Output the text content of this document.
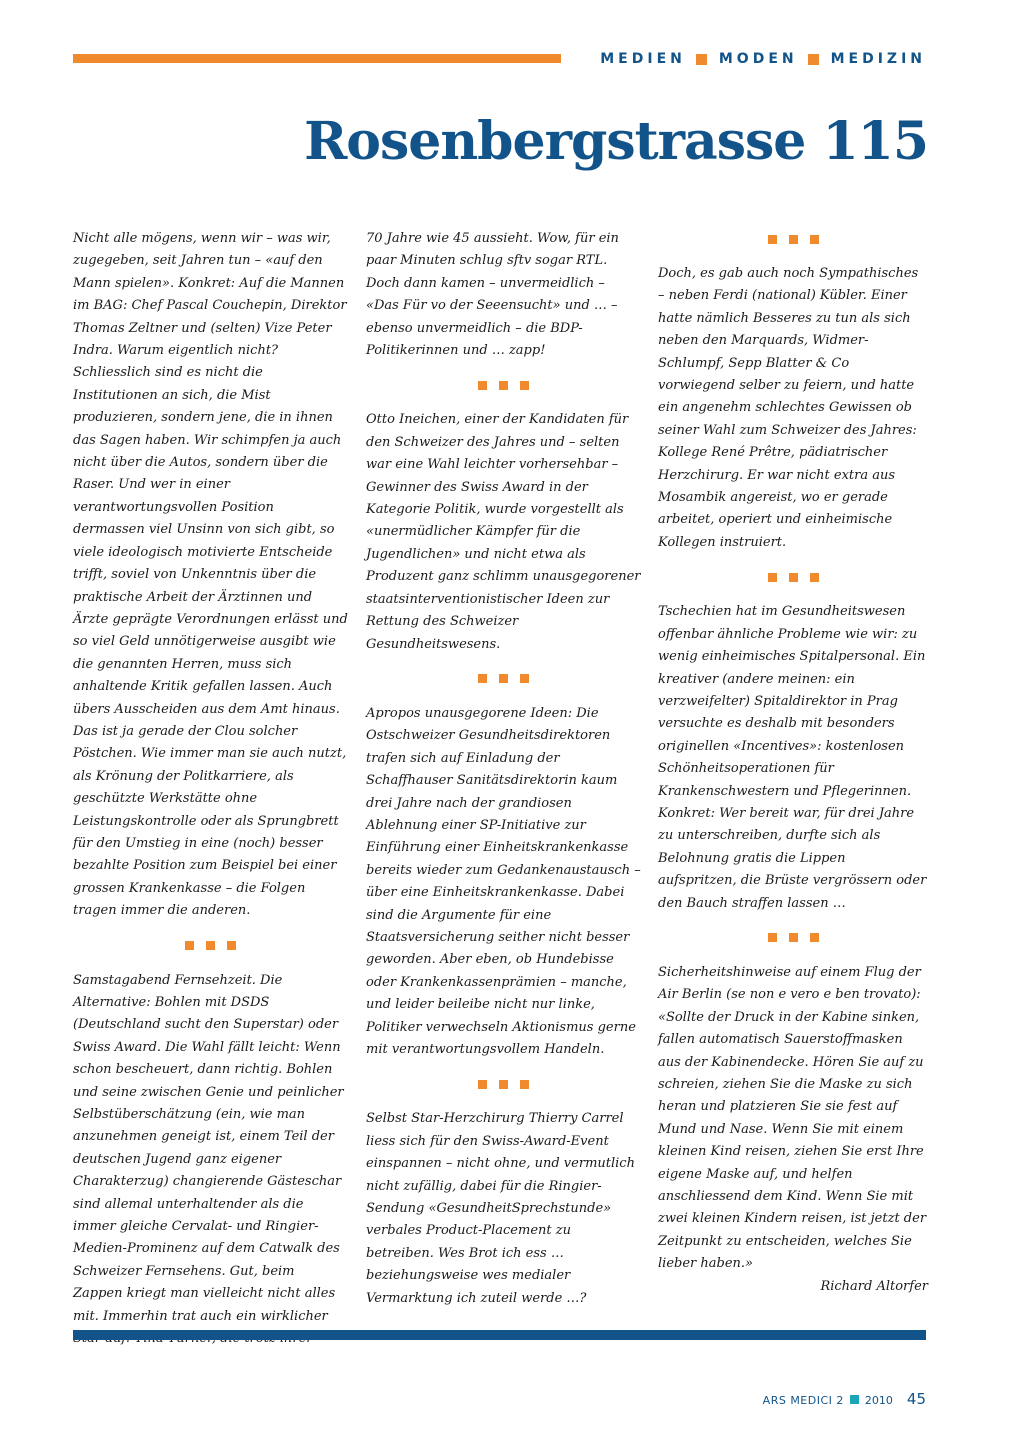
MEDIEN MODEN MEDIZIN
Rosenbergstrasse 115

Nicht alle mögens, wenn wir – was wir, zugegeben, seit Jahren tun – «auf den Mann spielen». Konkret: Auf die Mannen im BAG: Chef Pascal Couchepin, Direktor Thomas Zeltner und (selten) Vize Peter Indra. Warum eigentlich nicht? Schliesslich sind es nicht die Institutionen an sich, die Mist produzieren, sondern jene, die in ihnen das Sagen haben. Wir schimpfen ja auch nicht über die Autos, sondern über die Raser. Und wer in einer verantwortungsvollen Position dermassen viel Unsinn von sich gibt, so viele ideologisch motivierte Entscheide trifft, soviel von Unkenntnis über die praktische Arbeit der Ärztinnen und Ärzte geprägte Verordnungen erlässt und so viel Geld unnötigerweise ausgibt wie die genannten Herren, muss sich anhaltende Kritik gefallen lassen. Auch übers Ausscheiden aus dem Amt hinaus. Das ist ja gerade der Clou solcher Pöstchen. Wie immer man sie auch nutzt, als Krönung der Politkarriere, als geschützte Werkstätte ohne Leistungskontrolle oder als Sprungbrett für den Umstieg in eine (noch) besser bezahlte Position zum Beispiel bei einer grossen Krankenkasse – die Folgen tragen immer die anderen.

Samstagabend Fernsehzeit. Die Alternative: Bohlen mit DSDS (Deutschland sucht den Superstar) oder Swiss Award. Die Wahl fällt leicht: Wenn schon bescheuert, dann richtig. Bohlen und seine zwischen Genie und peinlicher Selbstüberschätzung (ein, wie man anzunehmen geneigt ist, einem Teil der deutschen Jugend ganz eigener Charakterzug) changierende Gästeschar sind allemal unterhaltender als die immer gleiche Cervalat- und Ringier-Medien-Prominenz auf dem Catwalk des Schweizer Fernsehens. Gut, beim Zappen kriegt man vielleicht nicht alles mit. Immerhin trat auch ein wirklicher

70 Jahre wie 45 aussieht. Wow, für ein paar Minuten schlug sftv sogar RTL. Doch dann kamen – unvermeidlich – «Das Für vo der Seeensucht» und … – ebenso unvermeidlich – die BDP-Politikerinnen und … zapp!

Otto Ineichen, einer der Kandidaten für den Schweizer des Jahres und – selten war eine Wahl leichter vorhersehbar – Gewinner des Swiss Award in der Kategorie Politik, wurde vorgestellt als «unermüdlicher Kämpfer für die Jugendlichen» und nicht etwa als Produzent ganz schlimm unausgegorener staatsinterventionistischer Ideen zur Rettung des Schweizer Gesundheitswesens.

Apropos unausgegorene Ideen: Die Ostschweizer Gesundheitsdirektoren trafen sich auf Einladung der Schaffhauser Sanitätsdirektorin kaum drei Jahre nach der grandiosen Ablehnung einer SP-Initiative zur Einführung einer Einheitskrankenkasse bereits wieder zum Gedankenaustausch – über eine Einheitskrankenkasse. Dabei sind die Argumente für eine Staatsversicherung seither nicht besser geworden. Aber eben, ob Hundebisse oder Krankenkassenprämien – manche, und leider beileibe nicht nur linke, Politiker verwechseln Aktionismus gerne mit verantwortungsvollem Handeln.

Selbst Star-Herzchirurg Thierry Carrel liess sich für den Swiss-Award-Event einspannen – nicht ohne, und vermutlich nicht zufällig, dabei für die Ringier-Sendung «GesundheitSprechstunde» verbales Product-Placement zu betreiben. Wes Brot ich ess … beziehungsweise wes medialer Vermarktung ich zuteil werde …?

Doch, es gab auch noch Sympathisches – neben Ferdi (national) Kübler. Einer hatte nämlich Besseres zu tun als sich neben den Marquards, Widmer-Schlumpf, Sepp Blatter & Co vorwiegend selber zu feiern, und hatte ein angenehm schlechtes Gewissen ob seiner Wahl zum Schweizer des Jahres: Kollege René Prêtre, pädiatrischer Herzchirurg. Er war nicht extra aus Mosambik angereist, wo er gerade arbeitet, operiert und einheimische Kollegen instruiert.

Tschechien hat im Gesundheitswesen offenbar ähnliche Probleme wie wir: zu wenig einheimisches Spitalpersonal. Ein kreativer (andere meinen: ein verzweifelter) Spitaldirektor in Prag versuchte es deshalb mit besonders originellen «Incentives»: kostenlosen Schönheitsoperationen für Krankenschwestern und Pflegerinnen. Konkret: Wer bereit war, für drei Jahre zu unterschreiben, durfte sich als Belohnung gratis die Lippen aufspritzen, die Brüste vergrössern oder den Bauch straffen lassen …

Sicherheitshinweise auf einem Flug der Air Berlin (se non e vero e ben trovato): «Sollte der Druck in der Kabine sinken, fallen automatisch Sauerstoffmasken aus der Kabinendecke. Hören Sie auf zu schreien, ziehen Sie die Maske zu sich heran und platzieren Sie sie fest auf Mund und Nase. Wenn Sie mit einem kleinen Kind reisen, ziehen Sie erst Ihre eigene Maske auf, und helfen anschliessend dem Kind. Wenn Sie mit zwei kleinen Kindern reisen, ist jetzt der Zeitpunkt zu entscheiden, welches Sie lieber haben.»

Richard Altorfer

ARS MEDICI 2 2010 45
